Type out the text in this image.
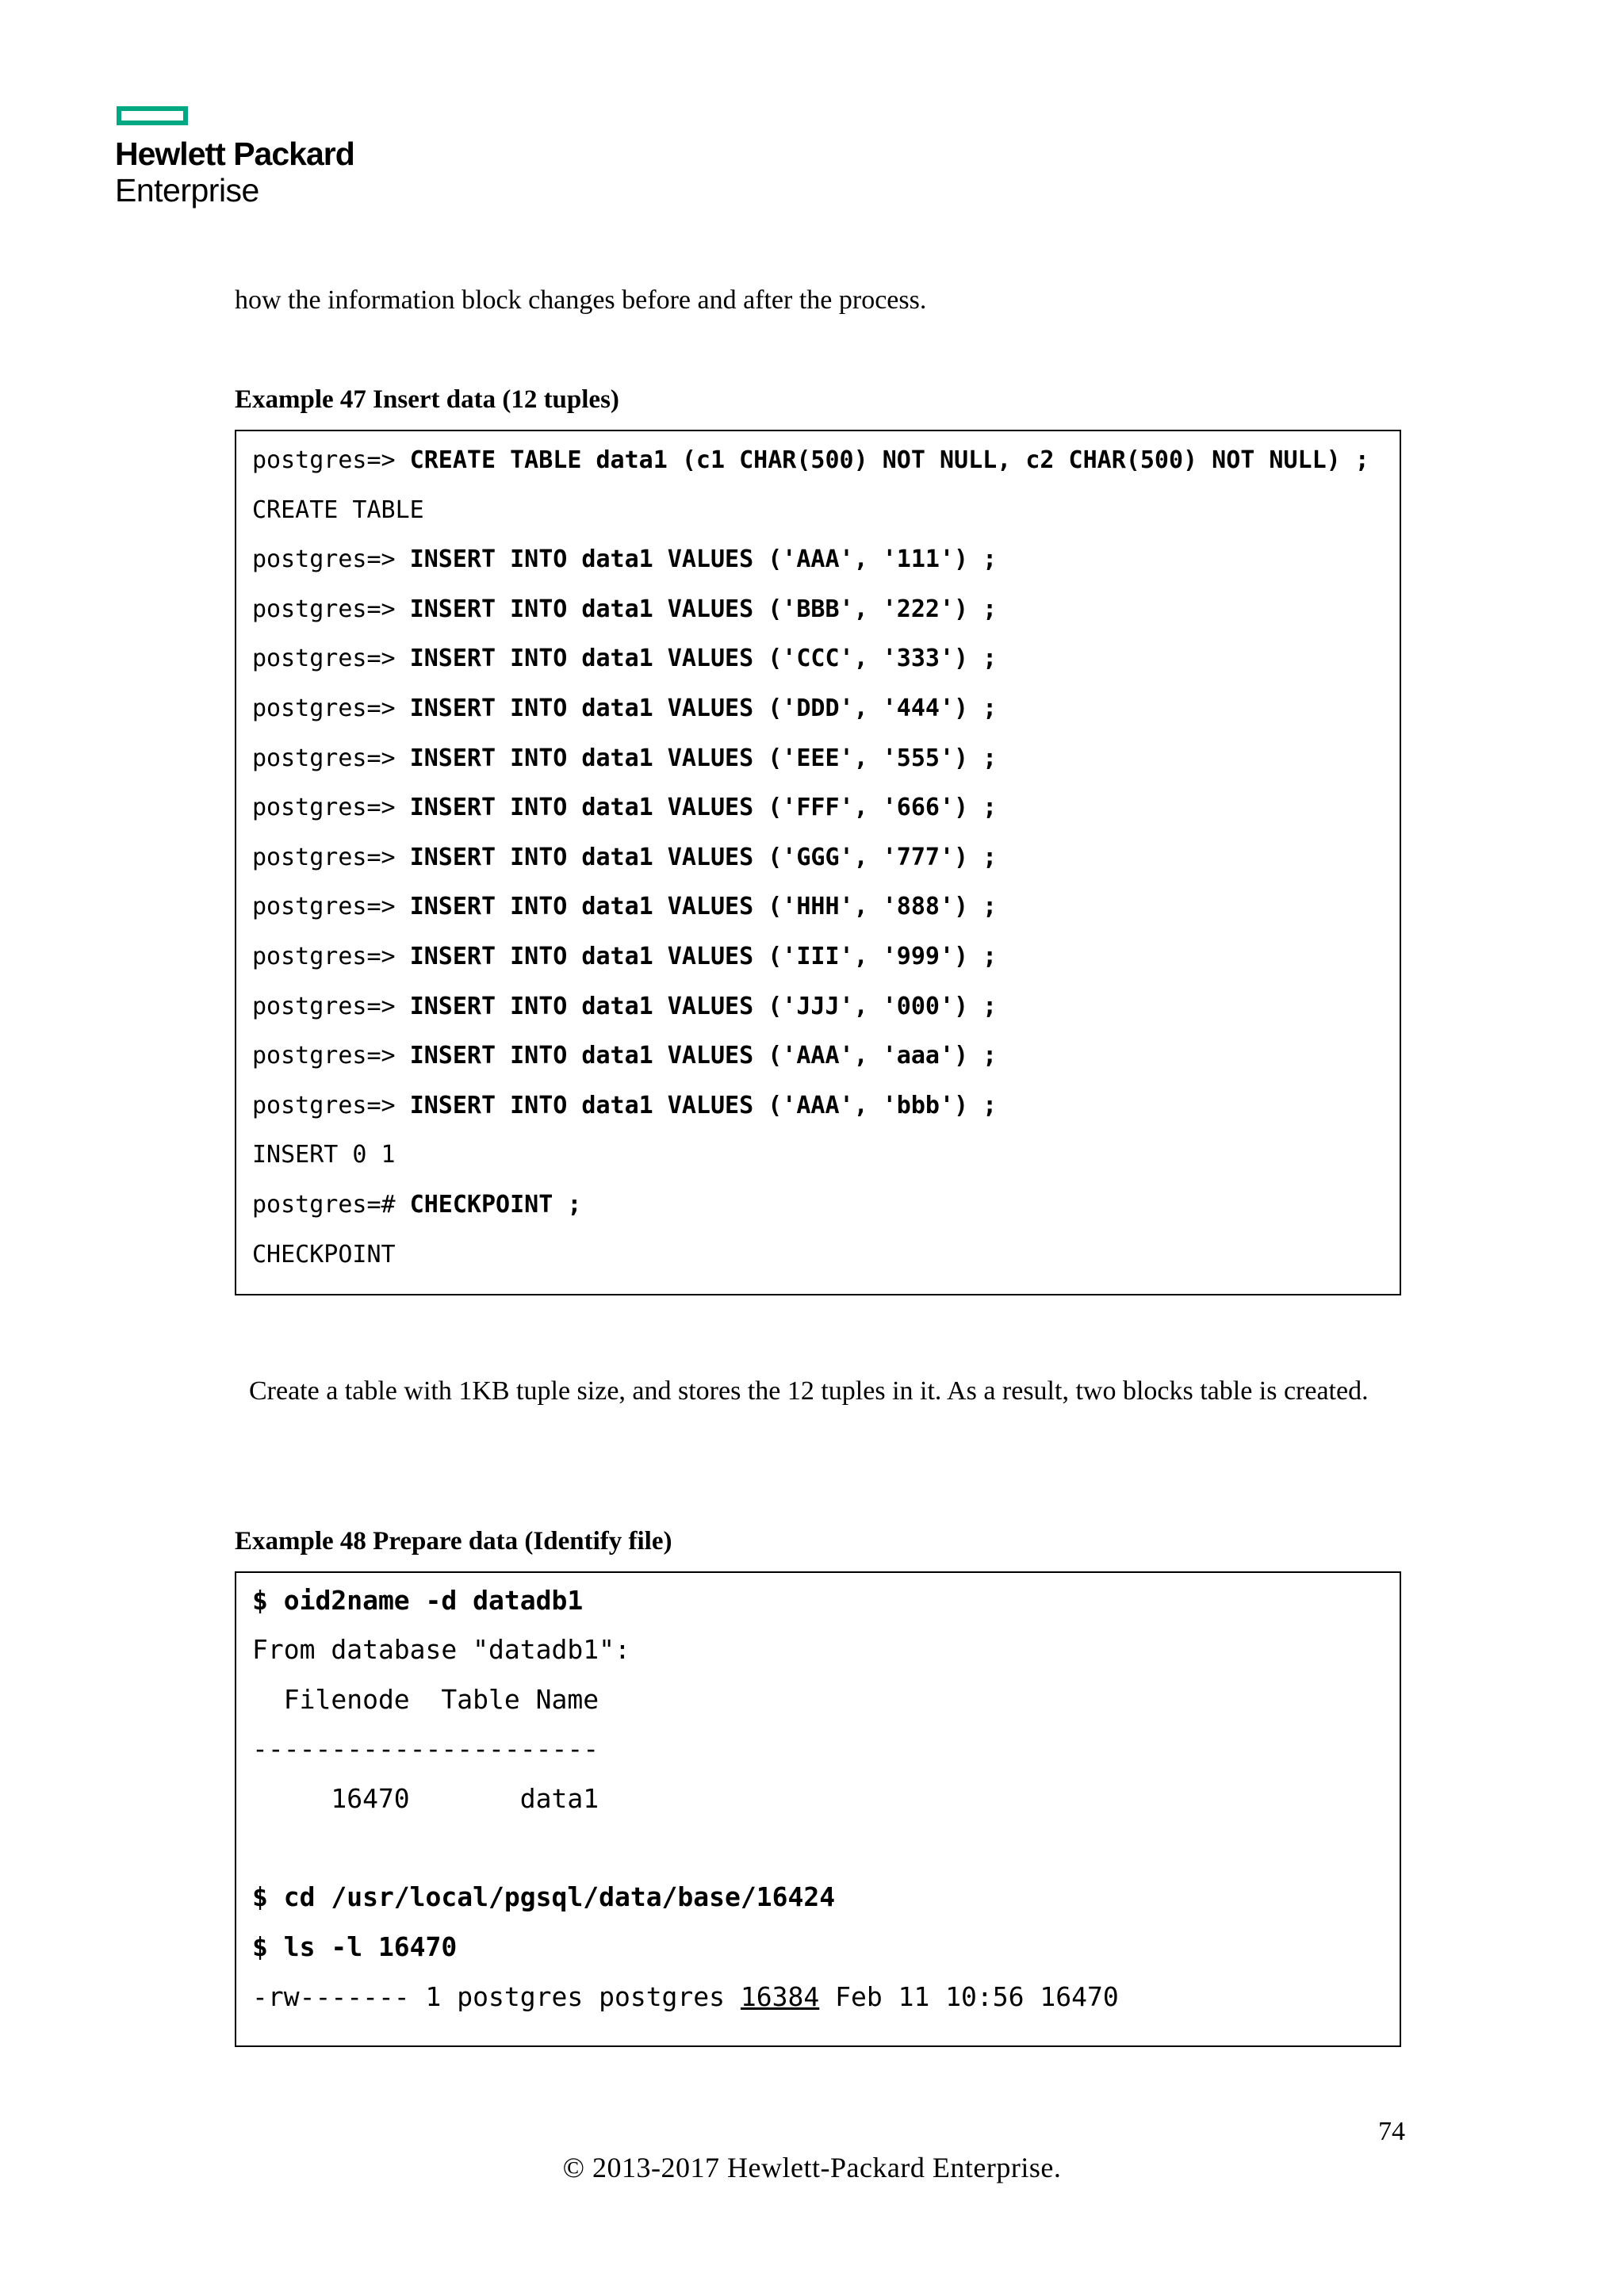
Hewlett Packard
Enterprise
how the information block changes before and after the process.
Example 47 Insert data (12 tuples)
postgres=> CREATE TABLE data1 (c1 CHAR(500) NOT NULL, c2 CHAR(500) NOT NULL) ;
CREATE TABLE
postgres=> INSERT INTO data1 VALUES ('AAA', '111') ;
postgres=> INSERT INTO data1 VALUES ('BBB', '222') ;
postgres=> INSERT INTO data1 VALUES ('CCC', '333') ;
postgres=> INSERT INTO data1 VALUES ('DDD', '444') ;
postgres=> INSERT INTO data1 VALUES ('EEE', '555') ;
postgres=> INSERT INTO data1 VALUES ('FFF', '666') ;
postgres=> INSERT INTO data1 VALUES ('GGG', '777') ;
postgres=> INSERT INTO data1 VALUES ('HHH', '888') ;
postgres=> INSERT INTO data1 VALUES ('III', '999') ;
postgres=> INSERT INTO data1 VALUES ('JJJ', '000') ;
postgres=> INSERT INTO data1 VALUES ('AAA', 'aaa') ;
postgres=> INSERT INTO data1 VALUES ('AAA', 'bbb') ;
INSERT 0 1
postgres=# CHECKPOINT ;
CHECKPOINT
Create a table with 1KB tuple size, and stores the 12 tuples in it. As a result, two blocks table is created.
Example 48 Prepare data (Identify file)
$ oid2name -d datadb1
From database "datadb1":
Filenode  Table Name
----------------------
16470       data1
$ cd /usr/local/pgsql/data/base/16424
$ ls -l 16470
-rw------- 1 postgres postgres 16384 Feb 11 10:56 16470
74
© 2013-2017 Hewlett-Packard Enterprise.
